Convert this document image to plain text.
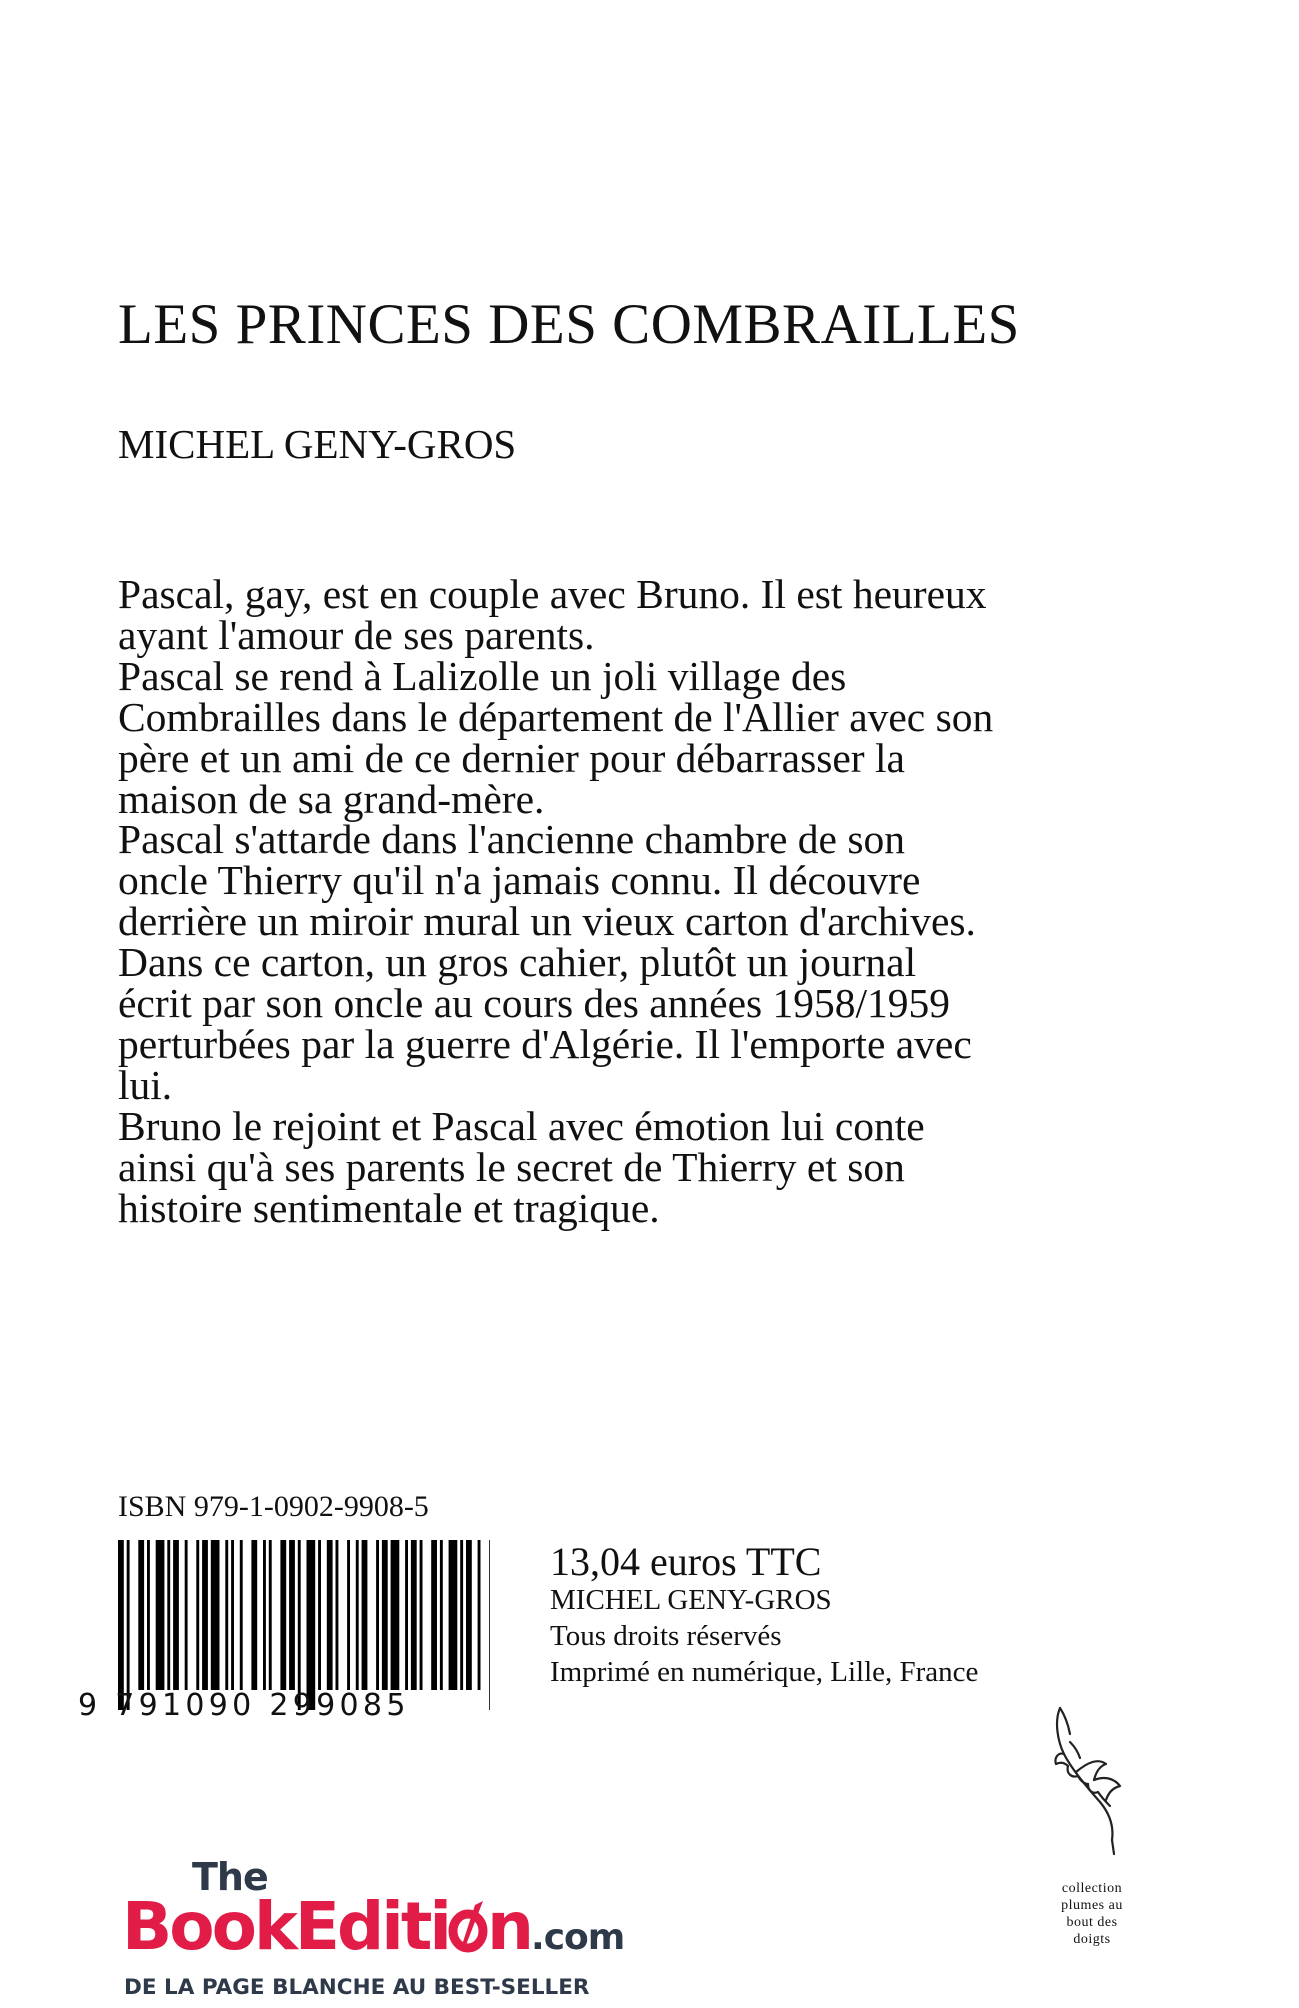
LES PRINCES DES COMBRAILLES
MICHEL GENY-GROS

Pascal, gay, est en couple avec Bruno. Il est heureux ayant l'amour de ses parents.

Pascal se rend à Lalizolle un joli village des Combrailles dans le département de l'Allier avec son père et un ami de ce dernier pour débarrasser la maison de sa grand-mère.

Pascal s'attarde dans l'ancienne chambre de son oncle Thierry qu'il n'a jamais connu. Il découvre derrière un miroir mural un vieux carton d'archives. Dans ce carton, un gros cahier, plutôt un journal écrit par son oncle au cours des années 1958/1959 perturbées par la guerre d'Algérie. Il l'emporte avec lui.

Bruno le rejoint et Pascal avec émotion lui conte ainsi qu'à ses parents le secret de Thierry et son histoire sentimentale et tragique.

ISBN 979-1-0902-9908-5
9 791090 299085
13,04 euros TTC
MICHEL GENY-GROS
Tous droits réservés
Imprimé en numérique, Lille, France
The
BookEditi n.com
DE LA PAGE BLANCHE AU BEST-SELLER
collection
plumes au
bout des
doigts
